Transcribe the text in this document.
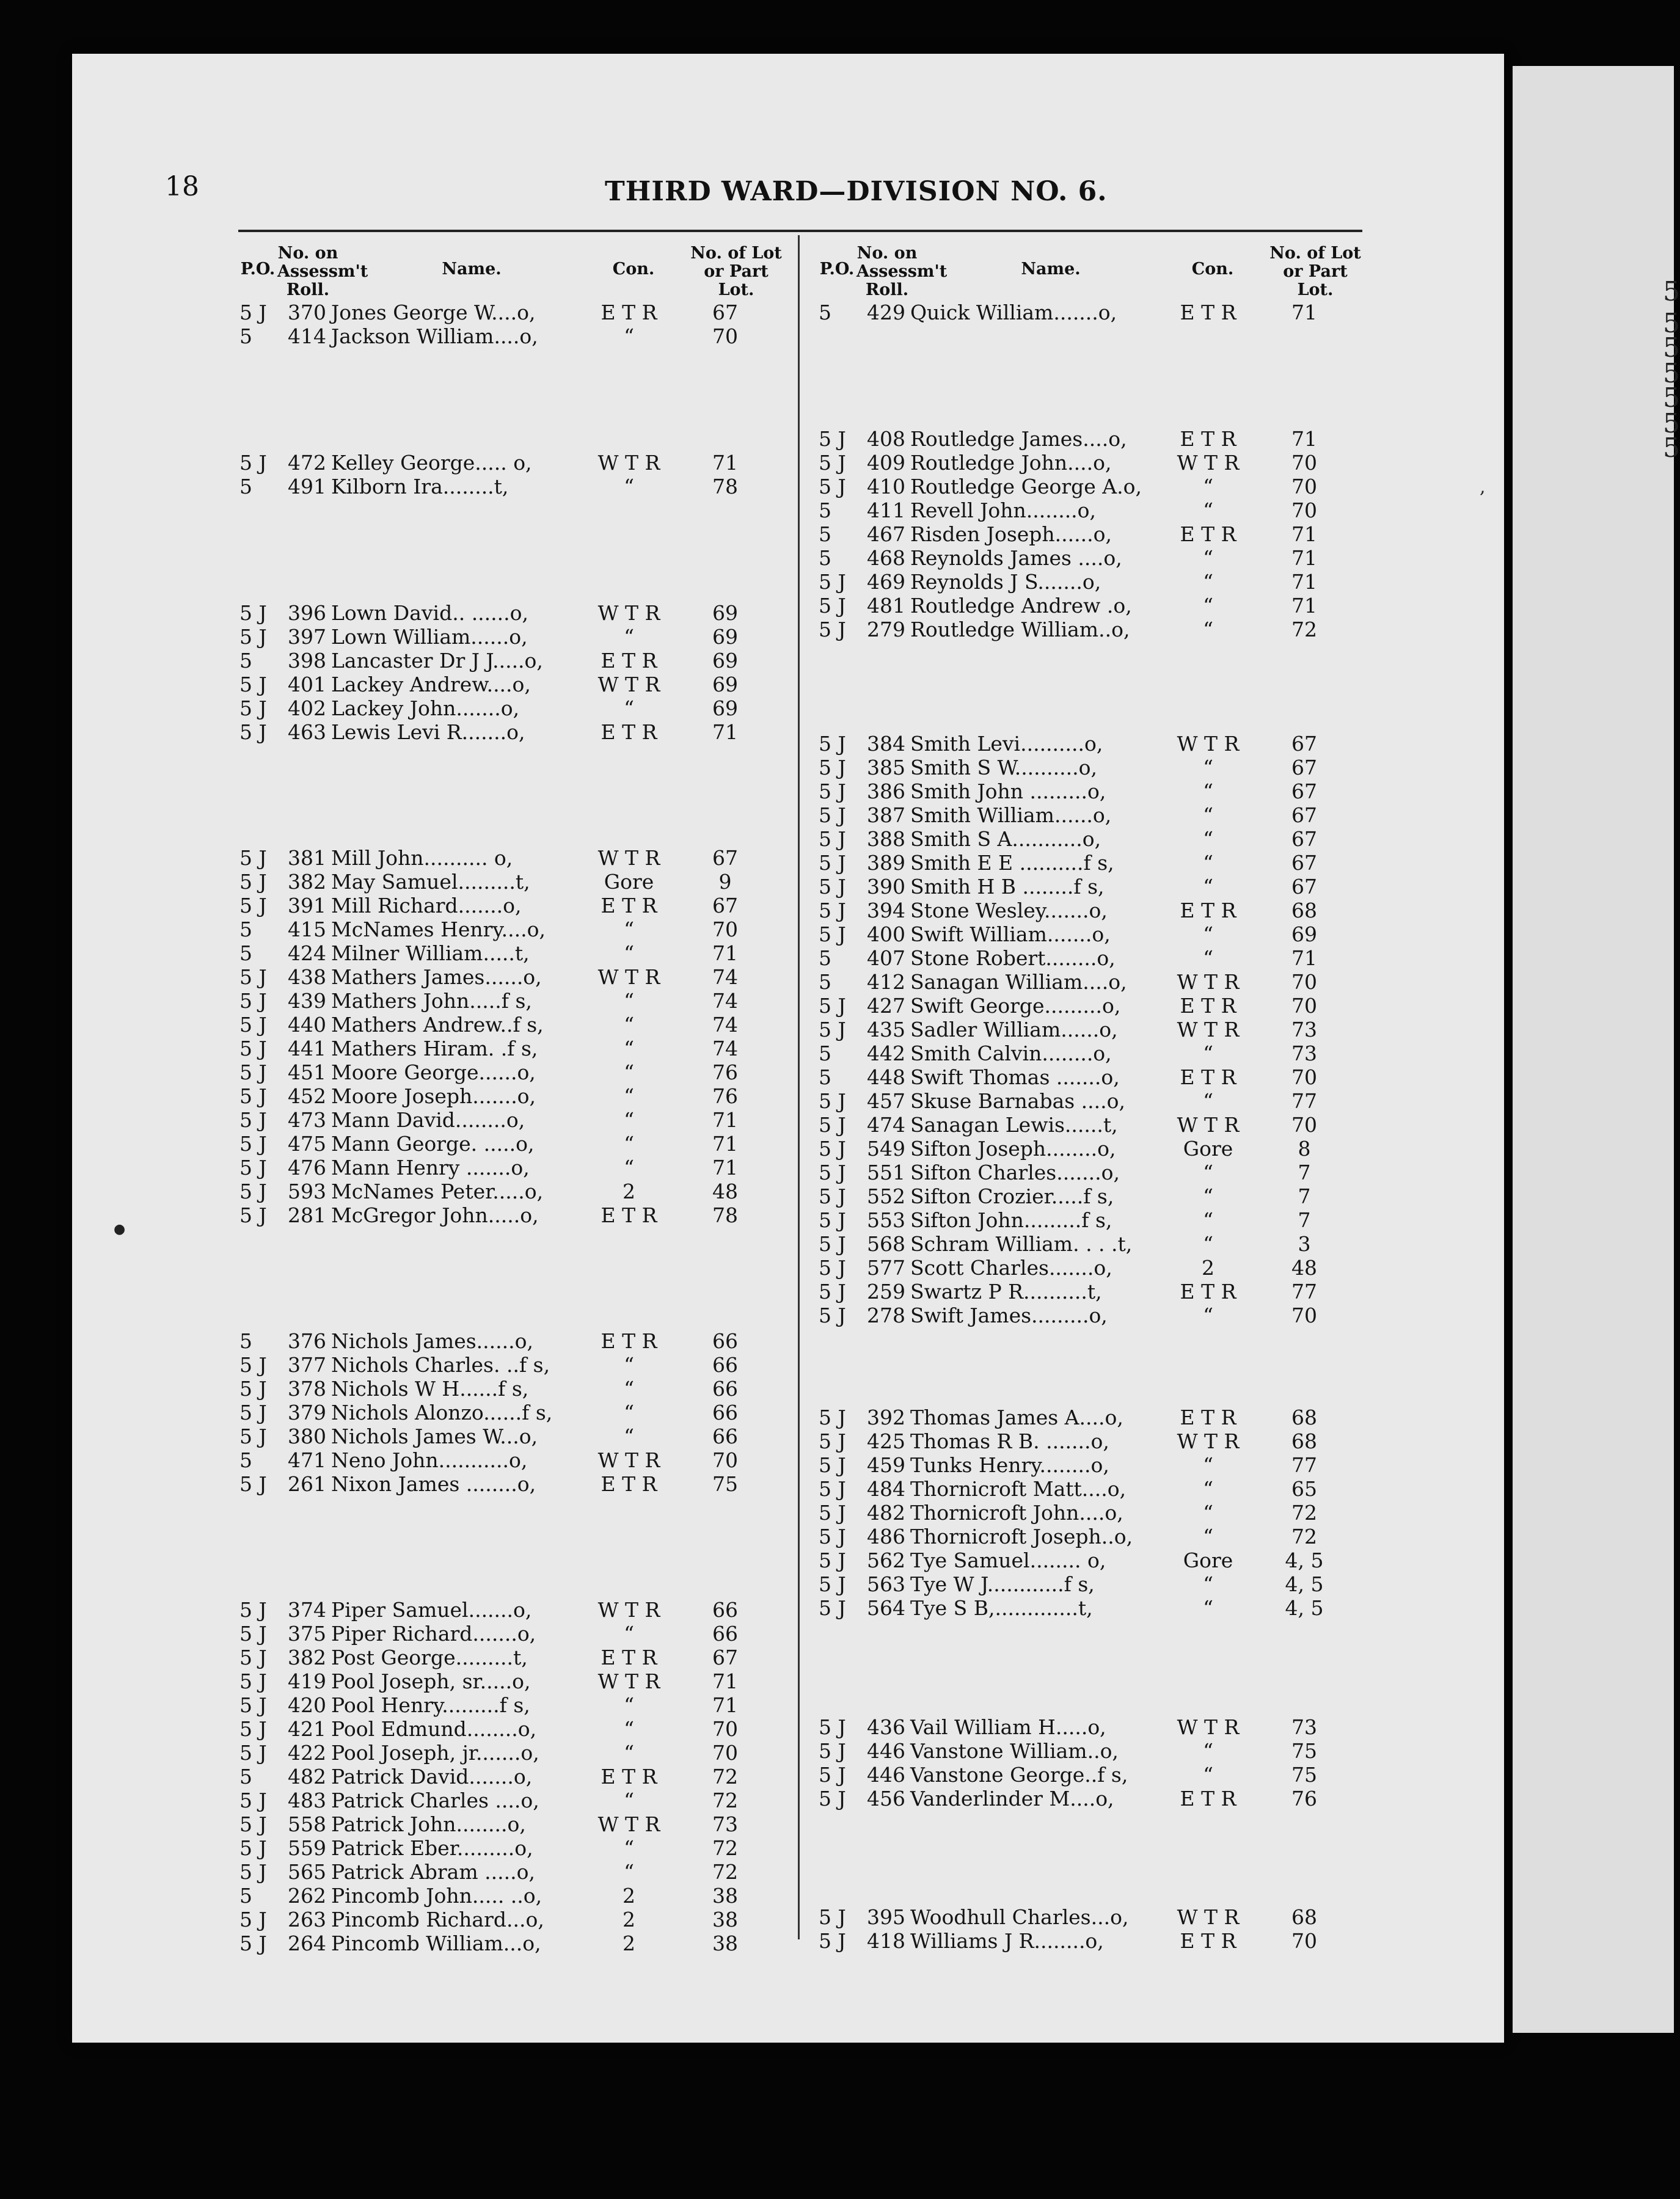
5
5
5
5
5
5
5
,
●
18	THIRD WARD—DIVISION NO. 6.
P.O.
No. on Assessm't Roll.
Name.	Con.
No. of Lot or Part Lot.
P.O.
No. on Assessm't Roll.
Name.	Con.
No. of Lot or Part Lot.
5 J	370 Jones George W....o,	E T R	67
5	414 Jackson William....o,	“	70
5 J	472 Kelley George..... o,	W T R	71
5	491 Kilborn Ira........t,	“	78
5 J	396 Lown David.. ......o,	W T R	69
5 J	397 Lown William......o,	“	69
5	398 Lancaster Dr J J.....o,	E T R	69
5 J	401 Lackey Andrew....o,	W T R	69
5 J	402 Lackey John.......o,	“	69
5 J	463 Lewis Levi R.......o,	E T R	71
5 J	381 Mill John.......... o,	W T R	67
5 J	382 May Samuel.........t,	Gore	9
5 J	391 Mill Richard.......o,	E T R	67
5	415 McNames Henry....o,	“	70
5	424 Milner William.....t,	“	71
5 J	438 Mathers James......o,	W T R	74
5 J	439 Mathers John.....f s,	“	74
5 J	440 Mathers Andrew..f s,	“	74
5 J	441 Mathers Hiram. .f s,	“	74
5 J	451 Moore George......o,	“	76
5 J	452 Moore Joseph.......o,	“	76
5 J	473 Mann David........o,	“	71
5 J	475 Mann George. .....o,	“	71
5 J	476 Mann Henry .......o,	“	71
5 J	593 McNames Peter.....o,	2	48
5 J	281 McGregor John.....o,	E T R	78
5	376 Nichols James......o,	E T R	66
5 J	377 Nichols Charles. ..f s,	“	66
5 J	378 Nichols W H......f s,	“	66
5 J	379 Nichols Alonzo......f s,	“	66
5 J	380 Nichols James W...o,	“	66
5	471 Neno John...........o,	W T R	70
5 J	261 Nixon James ........o,	E T R	75
5 J	374 Piper Samuel.......o,	W T R	66
5 J	375 Piper Richard.......o,	“	66
5 J	382 Post George.........t,	E T R	67
5 J	419 Pool Joseph, sr.....o,	W T R	71
5 J	420 Pool Henry.........f s,	“	71
5 J	421 Pool Edmund........o,	“	70
5 J	422 Pool Joseph, jr.......o,	“	70
5	482 Patrick David.......o,	E T R	72
5 J	483 Patrick Charles ....o,	“	72
5 J	558 Patrick John........o,	W T R	73
5 J	559 Patrick Eber.........o,	“	72
5 J	565 Patrick Abram .....o,	“	72
5	262 Pincomb John..... ..o,	2	38
5 J	263 Pincomb Richard...o,	2	38
5 J	264 Pincomb William...o,	2	38
5	429 Quick William.......o,	E T R	71
5 J	408 Routledge James....o,	E T R	71
5 J	409 Routledge John....o,	W T R	70
5 J	410 Routledge George A.o,	“	70
5	411 Revell John........o,	“	70
5	467 Risden Joseph......o,	E T R	71
5	468 Reynolds James ....o,	“	71
5 J	469 Reynolds J S.......o,	“	71
5 J	481 Routledge Andrew .o,	“	71
5 J	279 Routledge William..o,	“	72
5 J	384 Smith Levi..........o,	W T R	67
5 J	385 Smith S W..........o,	“	67
5 J	386 Smith John .........o,	“	67
5 J	387 Smith William......o,	“	67
5 J	388 Smith S A...........o,	“	67
5 J	389 Smith E E ..........f s,	“	67
5 J	390 Smith H B ........f s,	“	67
5 J	394 Stone Wesley.......o,	E T R	68
5 J	400 Swift William.......o,	“	69
5	407 Stone Robert........o,	“	71
5	412 Sanagan William....o,	W T R	70
5 J	427 Swift George.........o,	E T R	70
5 J	435 Sadler William......o,	W T R	73
5	442 Smith Calvin........o,	“	73
5	448 Swift Thomas .......o,	E T R	70
5 J	457 Skuse Barnabas ....o,	“	77
5 J	474 Sanagan Lewis......t,	W T R	70
5 J	549 Sifton Joseph........o,	Gore	8
5 J	551 Sifton Charles.......o,	“	7
5 J	552 Sifton Crozier.....f s,	“	7
5 J	553 Sifton John.........f s,	“	7
5 J	568 Schram William. . . .t,	“	3
5 J	577 Scott Charles.......o,	2	48
5 J	259 Swartz P R..........t,	E T R	77
5 J	278 Swift James.........o,	“	70
5 J	392 Thomas James A....o,	E T R	68
5 J	425 Thomas R B. .......o,	W T R	68
5 J	459 Tunks Henry........o,	“	77
5 J	484 Thornicroft Matt....o,	“	65
5 J	482 Thornicroft John....o,	“	72
5 J	486 Thornicroft Joseph..o,	“	72
5 J	562 Tye Samuel........ o,	Gore	4, 5
5 J	563 Tye W J............f s,	“	4, 5
5 J	564 Tye S B,.............t,	“	4, 5
5 J	436 Vail William H.....o,	W T R	73
5 J	446 Vanstone William..o,	“	75
5 J	446 Vanstone George..f s,	“	75
5 J	456 Vanderlinder M....o,	E T R	76
5 J	395 Woodhull Charles...o,	W T R	68
5 J	418 Williams J R........o,	E T R	70
